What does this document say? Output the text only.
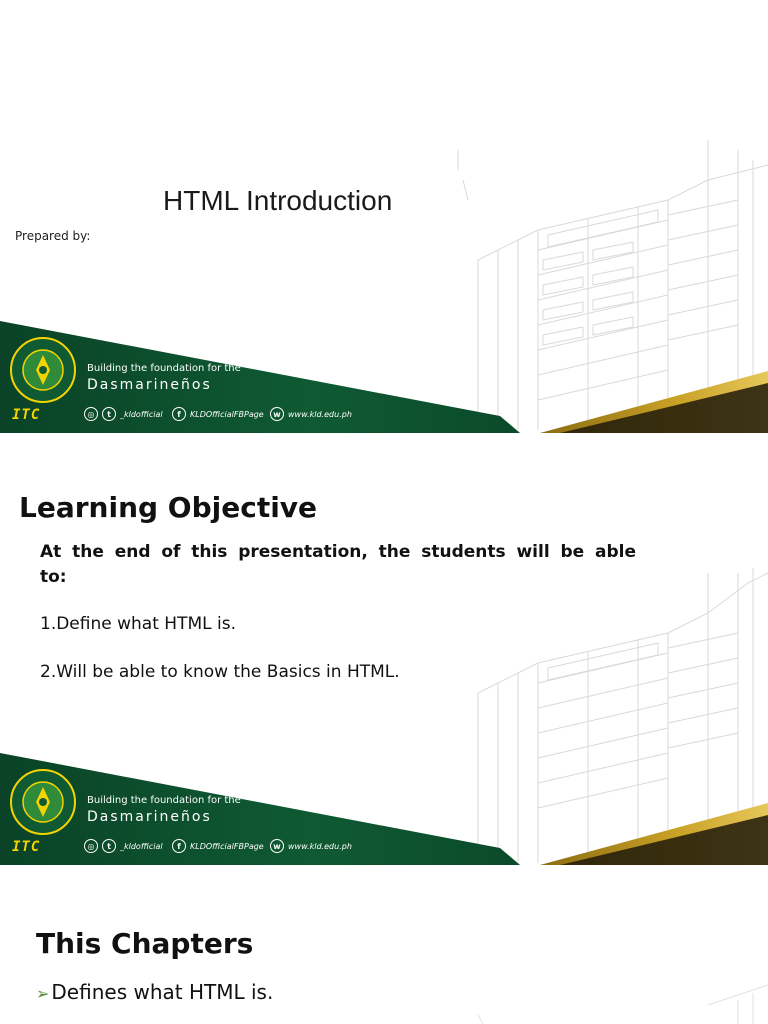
HTML Introduction
Prepared by:
Building the foundation for the
Dasmarineños
ITC	◎	t	_kldofficial	f	KLDOfficialFBPage	w www.kld.edu.ph
Learning Objective
At the end of this presentation, the students will be able to:
1.Define what HTML is.
2.Will be able to know the Basics in HTML.
Building the foundation for the
Dasmarineños
ITC	◎	t	_kldofficial	f	KLDOfficialFBPage	w www.kld.edu.ph
This Chapters
➢ Defines what HTML is.
